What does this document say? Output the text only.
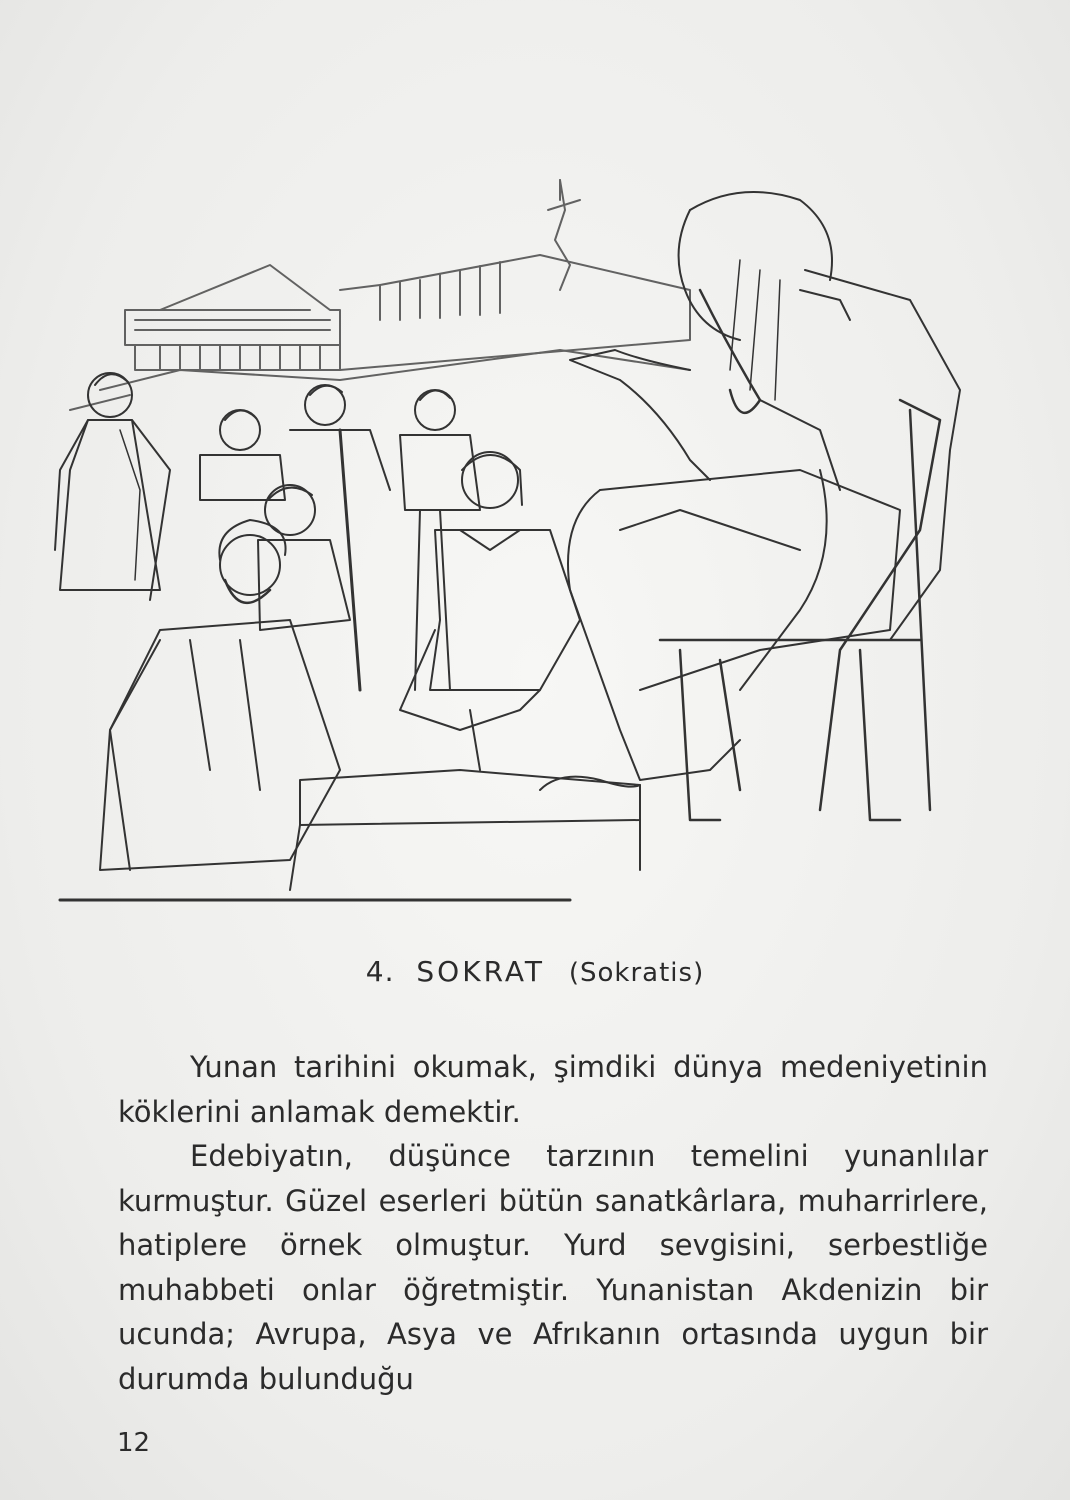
4. SOKRAT (Sokratis)

Yunan tarihini okumak, şimdiki dünya medeniyetinin köklerini anlamak demektir.

Edebiyatın, düşünce tarzının temelini yunanlılar kurmuştur. Güzel eserleri bütün sanatkârlara, muharrirlere, hatiplere örnek olmuştur. Yurd sevgisini, serbestliğe muhabbeti onlar öğretmiştir. Yunanistan Akdenizin bir ucunda; Avrupa, Asya ve Afrıkanın ortasında uygun bir durumda bulunduğu

12
